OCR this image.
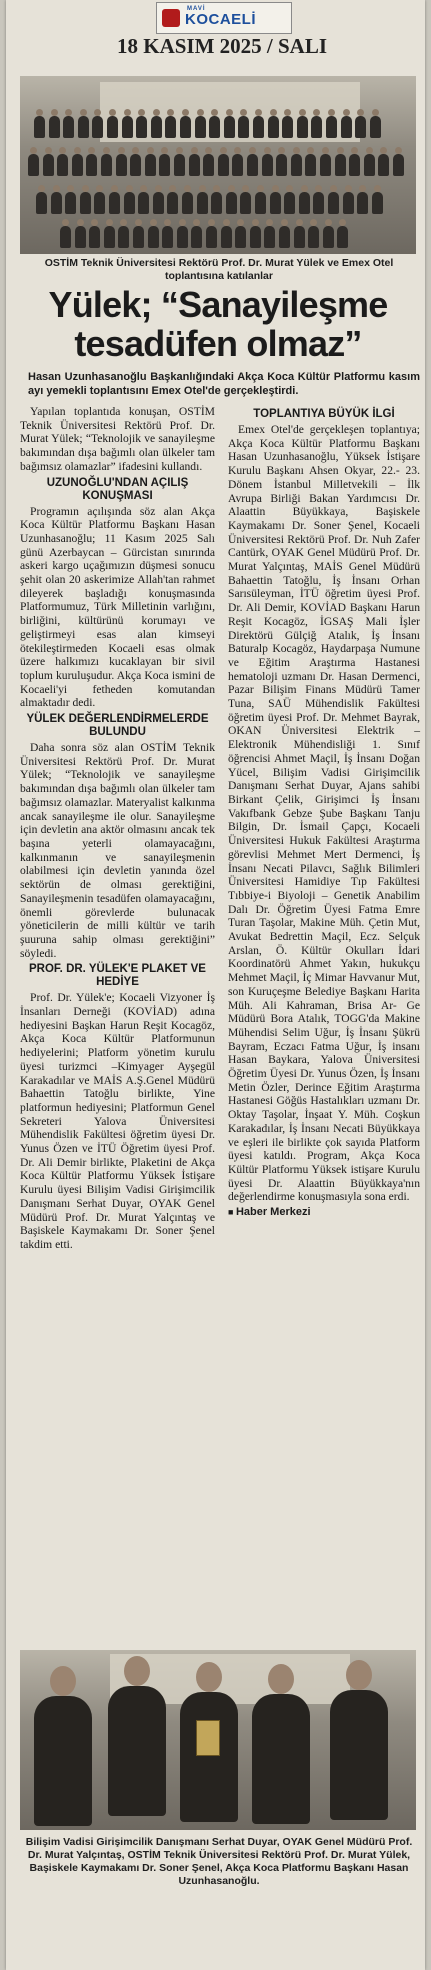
MAVİ
KOCAELİ
18 KASIM 2025 / SALI
OSTİM Teknik Üniversitesi Rektörü Prof. Dr. Murat Yülek ve Emex Otel toplantısına katılanlar
Yülek; “Sanayileşme tesadüfen olmaz”
Hasan Uzunhasanoğlu Başkanlığındaki Akça Koca Kültür Platformu kasım ayı yemekli toplantısını Emex Otel'de gerçekleştirdi.

Yapılan toplantıda konuşan, OSTİM Teknik Üniversitesi Rektörü Prof. Dr. Murat Yülek; “Teknolojik ve sanayileşme bakımından dışa bağımlı olan ülkeler tam bağımsız olamazlar” ifadesini kullandı.

UZUNOĞLU'NDAN AÇILIŞ KONUŞMASI

Programın açılışında söz alan Akça Koca Kültür Platformu Başkanı Hasan Uzunhasanoğlu; 11 Kasım 2025 Salı günü Azerbaycan – Gürcistan sınırında askeri kargo uçağımızın düşmesi sonucu şehit olan 20 askerimize Allah'tan rahmet dileyerek başladığı konuşmasında Platformumuz, Türk Milletinin varlığını, birliğini, kültürünü korumayı ve geliştirmeyi esas alan kimseyi ötekileştirmeden Kocaeli esas olmak üzere halkımızı kucaklayan bir sivil toplum kuruluşudur. Akça Koca ismini de Kocaeli'yi fetheden komutandan almaktadır dedi.

YÜLEK DEĞERLENDİRMELERDE BULUNDU

Daha sonra söz alan OSTİM Teknik Üniversitesi Rektörü Prof. Dr. Murat Yülek; “Teknolojik ve sanayileşme bakımından dışa bağımlı olan ülkeler tam bağımsız olamazlar. Materyalist kalkınma ancak sanayileşme ile olur. Sanayileşme için devletin ana aktör olmasını ancak tek başına yeterli olamayacağını, kalkınmanın ve sanayileşmenin olabilmesi için devletin yanında özel sektörün de olması gerektiğini, Sanayileşmenin tesadüfen olamayacağını, önemli görevlerde bulunacak yöneticilerin de milli kültür ve tarih şuuruna sahip olması gerektiğini” söyledi.

PROF. DR. YÜLEK'E PLAKET VE HEDİYE

Prof. Dr. Yülek'e; Kocaeli Vizyoner İş İnsanları Derneği (KOVİAD) adına hediyesini Başkan Harun Reşit Kocagöz, Akça Koca Kültür Platformunun hediyelerini; Platform yönetim kurulu üyesi turizmci –Kimyager Ayşegül Karakadılar ve MAİS A.Ş.Genel Müdürü Bahaettin Tatoğlu birlikte, Yine platformun hediyesini; Platformun Genel Sekreteri Yalova Üniversitesi Mühendislik Fakültesi öğretim üyesi Dr. Yunus Özen ve İTÜ Öğretim üyesi Prof. Dr. Ali Demir birlikte, Plaketini de Akça Koca Kültür Platformu Yüksek İstişare Kurulu üyesi Bilişim Vadisi Girişimcilik Danışmanı Serhat Duyar, OYAK Genel Müdürü Prof. Dr. Murat Yalçıntaş ve Başiskele Kaymakamı Dr. Soner Şenel takdim etti.

TOPLANTIYA BÜYÜK İLGİ

Emex Otel'de gerçekleşen toplantıya; Akça Koca Kültür Platformu Başkanı Hasan Uzunhasanoğlu, Yüksek İstişare Kurulu Başkanı Ahsen Okyar, 22.- 23. Dönem İstanbul Milletvekili – İlk Avrupa Birliği Bakan Yardımcısı Dr. Alaattin Büyükkaya, Başiskele Kaymakamı Dr. Soner Şenel, Kocaeli Üniversitesi Rektörü Prof. Dr. Nuh Zafer Cantürk, OYAK Genel Müdürü Prof. Dr. Murat Yalçıntaş, MAİS Genel Müdürü Bahaettin Tatoğlu, İş İnsanı Orhan Sarısüleyman, İTÜ öğretim üyesi Prof. Dr. Ali Demir, KOVİAD Başkanı Harun Reşit Kocagöz, İGSAŞ Mali İşler Direktörü Gülçiğ Atalık, İş İnsanı Baturalp Kocagöz, Haydarpaşa Numune ve Eğitim Araştırma Hastanesi hematoloji uzmanı Dr. Hasan Dermenci, Pazar Bilişim Finans Müdürü Tamer Tuna, SAÜ Mühendislik Fakültesi öğretim üyesi Prof. Dr. Mehmet Bayrak, OKAN Üniversitesi Elektrik – Elektronik Mühendisliği 1. Sınıf öğrencisi Ahmet Maçil, İş İnsanı Doğan Yücel, Bilişim Vadisi Girişimcilik Danışmanı Serhat Duyar, Ajans sahibi Birkant Çelik, Girişimci İş İnsanı Vakıfbank Gebze Şube Başkanı Tanju Bilgin, Dr. İsmail Çapçı, Kocaeli Üniversitesi Hukuk Fakültesi Araştırma görevlisi Mehmet Mert Dermenci, İş İnsanı Necati Pilavcı, Sağlık Bilimleri Üniversitesi Hamidiye Tıp Fakültesi Tıbbiye-i Biyoloji – Genetik Anabilim Dalı Dr. Öğretim Üyesi Fatma Emre Turan Taşolar, Makine Müh. Çetin Mut, Avukat Bedrettin Maçil, Ecz. Selçuk Arslan, Ö. Kültür Okulları İdari Koordinatörü Ahmet Yakın, hukukçu Mehmet Maçil, İç Mimar Havvanur Mut, son Kuruçeşme Belediye Başkanı Harita Müh. Ali Kahraman, Brisa Ar- Ge Müdürü Bora Atalık, TOGG'da Makine Mühendisi Selim Uğur, İş İnsanı Şükrü Bayram, Eczacı Fatma Uğur, İş insanı Hasan Baykara, Yalova Üniversitesi Öğretim Üyesi Dr. Yunus Özen, İş İnsanı Metin Özler, Derince Eğitim Araştırma Hastanesi Göğüs Hastalıkları uzmanı Dr. Oktay Taşolar, İnşaat Y. Müh. Coşkun Karakadılar, İş İnsanı Necati Büyükkaya ve eşleri ile birlikte çok sayıda Platform üyesi katıldı. Program, Akça Koca Kültür Platformu Yüksek istişare Kurulu üyesi Dr. Alaattin Büyükkaya'nın değerlendirme konuşmasıyla sona erdi.

■ Haber Merkezi
Bilişim Vadisi Girişimcilik Danışmanı Serhat Duyar, OYAK Genel Müdürü Prof. Dr. Murat Yalçıntaş, OSTİM Teknik Üniversitesi Rektörü Prof. Dr. Murat Yülek, Başiskele Kaymakamı Dr. Soner Şenel, Akça Koca Platformu Başkanı Hasan Uzunhasanoğlu.
